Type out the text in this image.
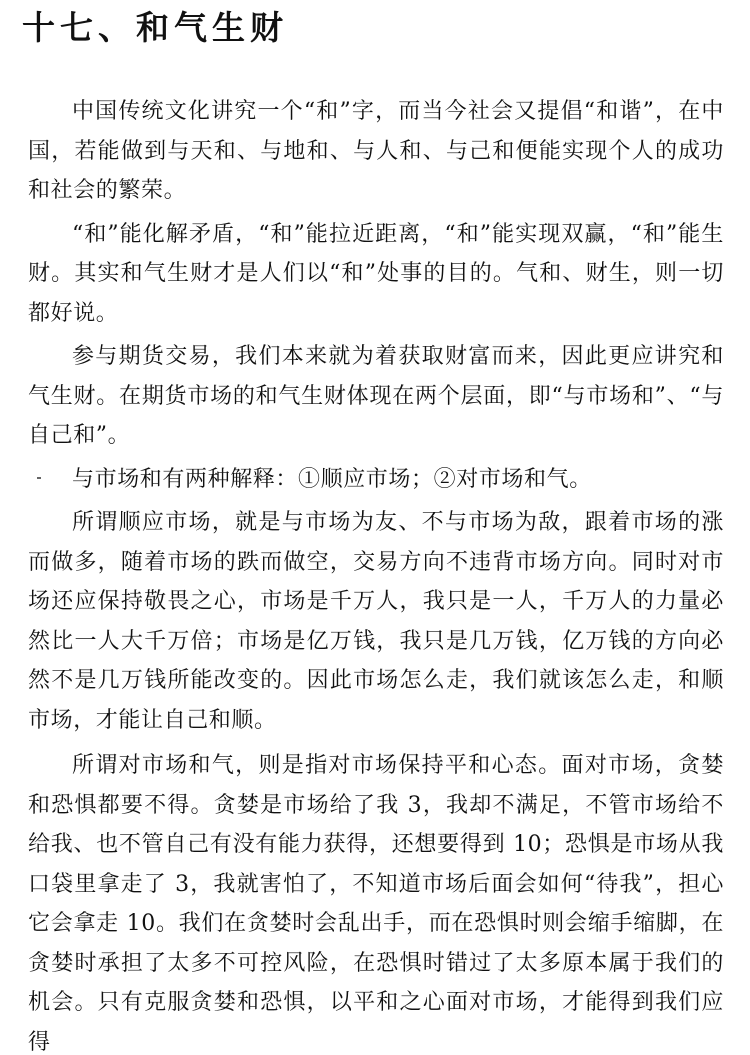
十七、和气生财

中国传统文化讲究一个“和”字，而当今社会又提倡“和谐”，在中国，若能做到与天和、与地和、与人和、与己和便能实现个人的成功和社会的繁荣。

“和”能化解矛盾，“和”能拉近距离，“和”能实现双赢，“和”能生财。其实和气生财才是人们以“和”处事的目的。气和、财生，则一切都好说。

参与期货交易，我们本来就为着获取财富而来，因此更应讲究和气生财。在期货市场的和气生财体现在两个层面，即“与市场和”、“与自己和”。

与市场和有两种解释：①顺应市场；②对市场和气。

所谓顺应市场，就是与市场为友、不与市场为敌，跟着市场的涨而做多，随着市场的跌而做空，交易方向不违背市场方向。同时对市场还应保持敬畏之心，市场是千万人，我只是一人，千万人的力量必然比一人大千万倍；市场是亿万钱，我只是几万钱，亿万钱的方向必然不是几万钱所能改变的。因此市场怎么走，我们就该怎么走，和顺市场，才能让自己和顺。

所谓对市场和气，则是指对市场保持平和心态。面对市场，贪婪和恐惧都要不得。贪婪是市场给了我 3，我却不满足，不管市场给不给我、也不管自己有没有能力获得，还想要得到 10；恐惧是市场从我口袋里拿走了 3，我就害怕了，不知道市场后面会如何“待我”，担心它会拿走 10。我们在贪婪时会乱出手，而在恐惧时则会缩手缩脚，在贪婪时承担了太多不可控风险，在恐惧时错过了太多原本属于我们的机会。只有克服贪婪和恐惧，以平和之心面对市场，才能得到我们应得
